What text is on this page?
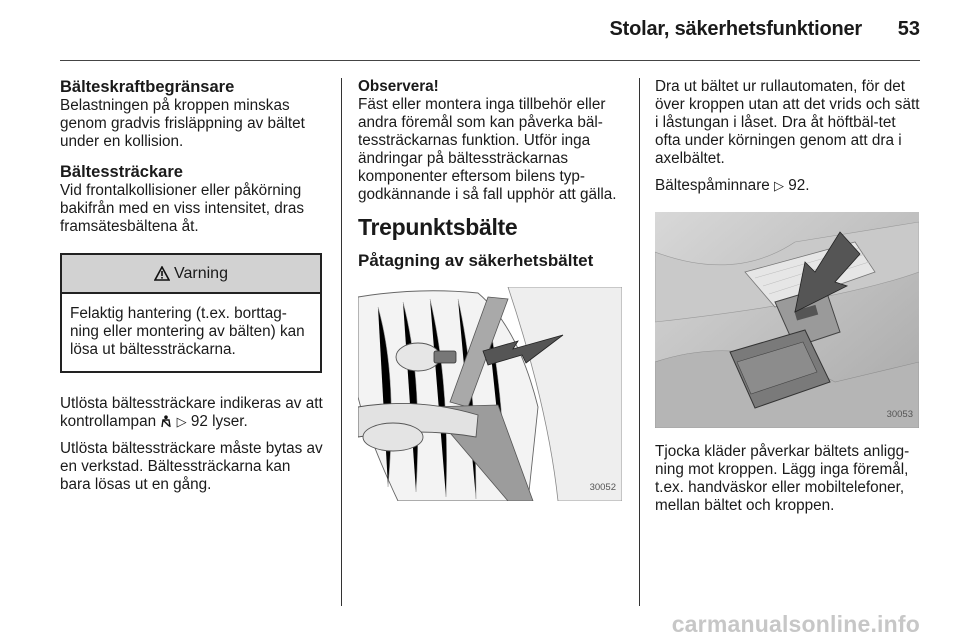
Stolar, säkerhetsfunktioner 53
Bälteskraftbegränsare

Belastningen på kroppen minskas genom gradvis frisläppning av bältet under en kollision.

Bältessträckare

Vid frontalkollisioner eller påkörning bakifrån med en viss intensitet, dras framsätesbältena åt.

Varning
Felaktig hantering (t.ex. borttag-ning eller montering av bälten) kan lösa ut bältessträckarna.

Utlösta bältessträckare indikeras av att kontrollampan ▷ 92 lyser.

Utlösta bältessträckare måste bytas av en verkstad. Bältessträckarna kan bara lösas ut en gång.

Observera!

Fäst eller montera inga tillbehör eller andra föremål som kan påverka bäl-tessträckarnas funktion. Utför inga ändringar på bältessträckarnas komponenter eftersom bilens typ-godkännande i så fall upphör att gälla.

Trepunktsbälte
Påtagning av säkerhetsbältet
30052

Dra ut bältet ur rullautomaten, för det över kroppen utan att det vrids och sätt i låstungan i låset. Dra åt höftbäl-tet ofta under körningen genom att dra i axelbältet.

Bältespåminnare ▷ 92.

30053

Tjocka kläder påverkar bältets anligg-ning mot kroppen. Lägg inga föremål, t.ex. handväskor eller mobiltelefoner, mellan bältet och kroppen.

carmanualsonline.info
